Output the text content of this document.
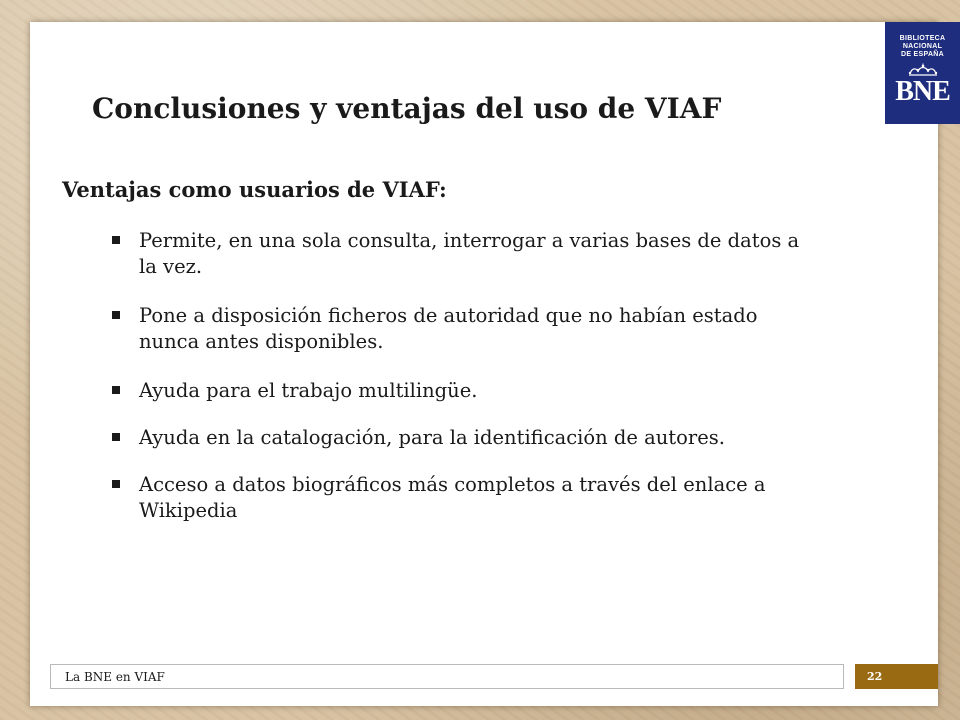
BIBLIOTECA
NACIONAL
DE ESPAÑA
BNE
Conclusiones y ventajas del uso de VIAF
Ventajas como usuarios de VIAF:
Permite, en una sola consulta, interrogar a varias bases de datos a la vez.
Pone a disposición ficheros de autoridad que no habían estado nunca antes disponibles.
Ayuda para el trabajo multilingüe.
Ayuda en la catalogación, para la identificación de autores.
Acceso a datos biográficos más completos a través del enlace a Wikipedia
La BNE en VIAF	22
